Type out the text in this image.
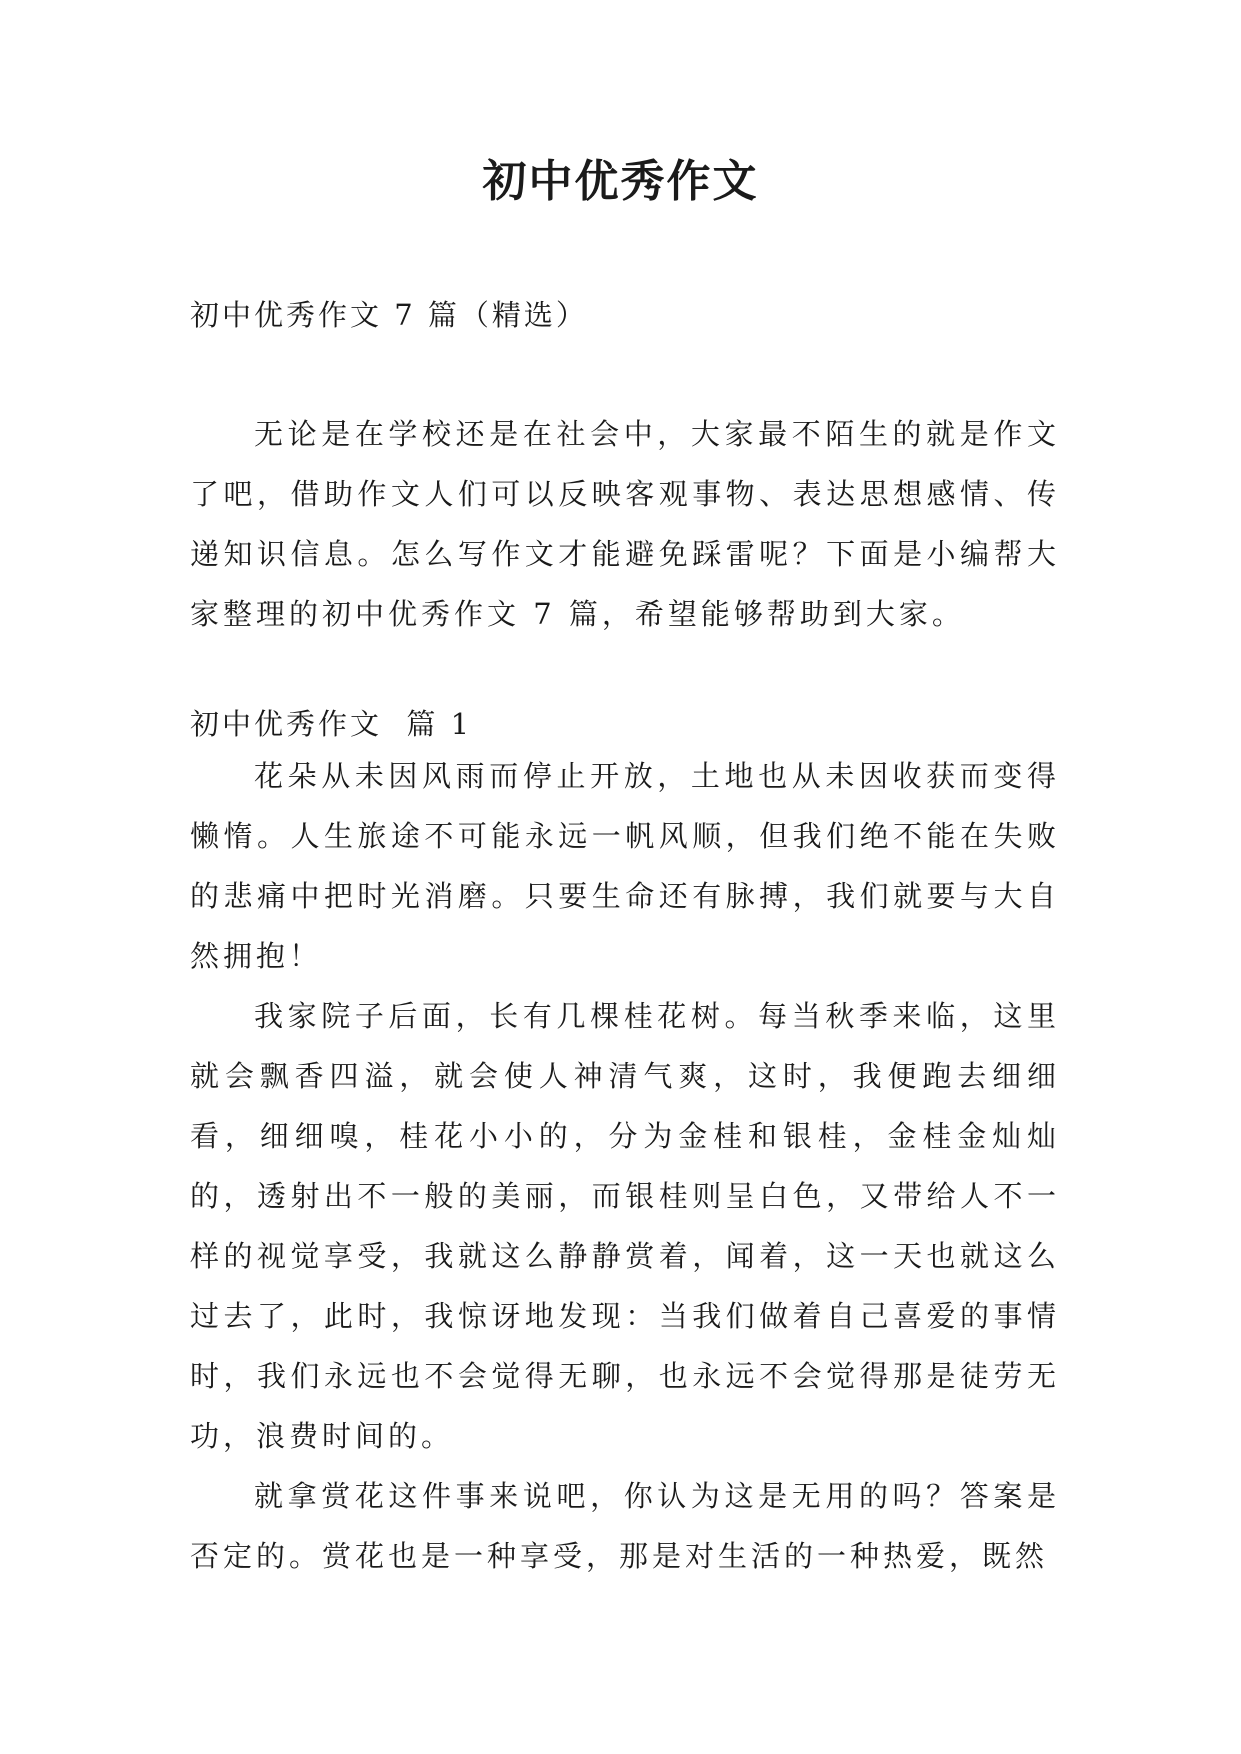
初中优秀作文

初中优秀作文 7 篇（精选）

无论是在学校还是在社会中，大家最不陌生的就是作文了吧，借助作文人们可以反映客观事物、表达思想感情、传递知识信息。怎么写作文才能避免踩雷呢？下面是小编帮大家整理的初中优秀作文 7 篇，希望能够帮助到大家。

初中优秀作文  篇 1

花朵从未因风雨而停止开放，土地也从未因收获而变得懒惰。人生旅途不可能永远一帆风顺，但我们绝不能在失败的悲痛中把时光消磨。只要生命还有脉搏，我们就要与大自然拥抱！

我家院子后面，长有几棵桂花树。每当秋季来临，这里就会飘香四溢，就会使人神清气爽，这时，我便跑去细细看，细细嗅，桂花小小的，分为金桂和银桂，金桂金灿灿的，透射出不一般的美丽，而银桂则呈白色，又带给人不一样的视觉享受，我就这么静静赏着，闻着，这一天也就这么过去了，此时，我惊讶地发现：当我们做着自己喜爱的事情时，我们永远也不会觉得无聊，也永远不会觉得那是徒劳无功，浪费时间的。

就拿赏花这件事来说吧，你认为这是无用的吗？答案是否定的。赏花也是一种享受，那是对生活的一种热爱，既然
